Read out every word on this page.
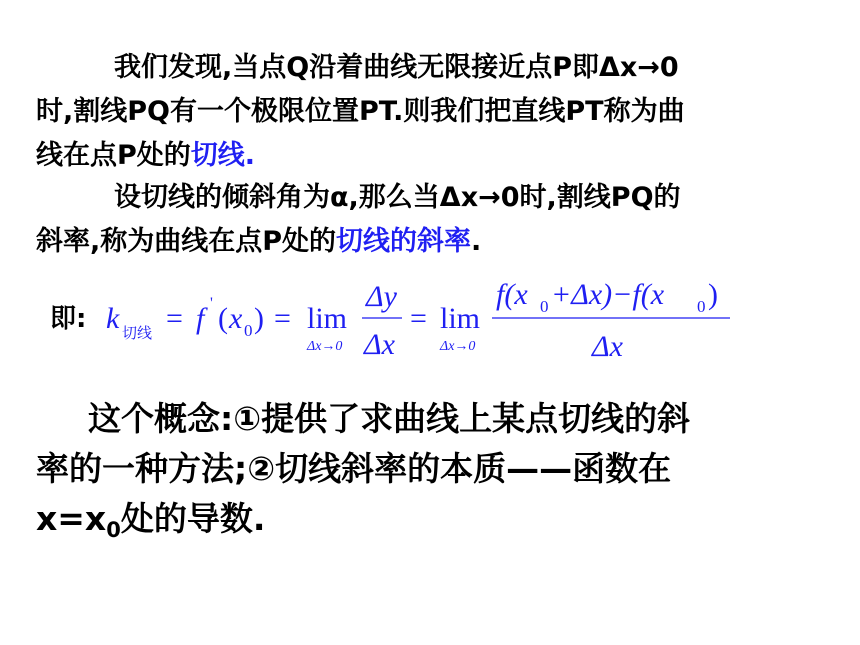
我们发现,当点Q沿着曲线无限接近点P即Δx→0
时,割线PQ有一个极限位置PT.则我们把直线PT称为曲
线在点P处的切线.
设切线的倾斜角为α,那么当Δx→0时,割线PQ的
斜率,称为曲线在点P处的切线的斜率.
即: k 切线 = f ' ( x 0 ) = lim
Δx→0
Δy
Δx
= lim
Δx→0
f(x 0 +Δx)−f(x 0 )
Δx
这个概念:①提供了求曲线上某点切线的斜
率的一种方法;②切线斜率的本质——函数在
$x=x_0$处的导数.
